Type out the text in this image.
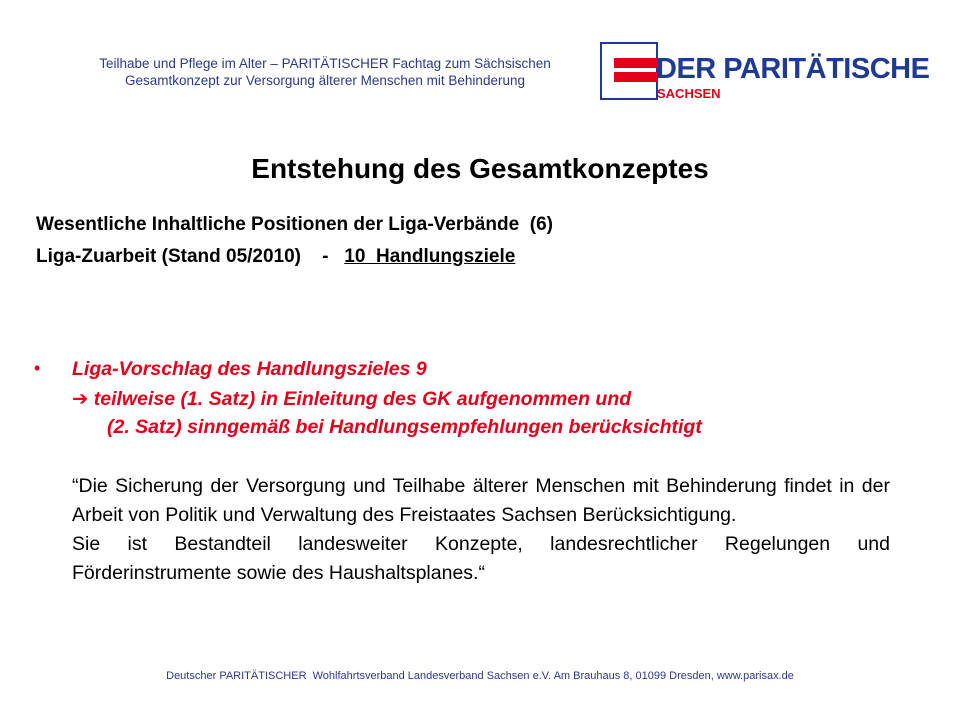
Teilhabe und Pflege im Alter – PARITÄTISCHER Fachtag zum Sächsischen
Gesamtkonzept zur Versorgung älterer Menschen mit Behinderung	DER PARITÄTISCHE
SACHSEN
Entstehung des Gesamtkonzeptes
Wesentliche Inhaltliche Positionen der Liga-Verbände  (6)
Liga-Zuarbeit (Stand 05/2010)    -   10  Handlungsziele
• Liga-Vorschlag des Handlungszieles 9
➔ teilweise (1. Satz) in Einleitung des GK aufgenommen und
(2. Satz) sinngemäß bei Handlungsempfehlungen berücksichtigt
“Die Sicherung der Versorgung und Teilhabe älterer Menschen mit Behinderung findet in der Arbeit von Politik und Verwaltung des Freistaates Sachsen Berücksichtigung.
Sie ist Bestandteil landesweiter Konzepte, landesrechtlicher Regelungen und Förderinstrumente sowie des Haushaltsplanes.“
Deutscher PARITÄTISCHER  Wohlfahrtsverband Landesverband Sachsen e.V. Am Brauhaus 8, 01099 Dresden, www.parisax.de
